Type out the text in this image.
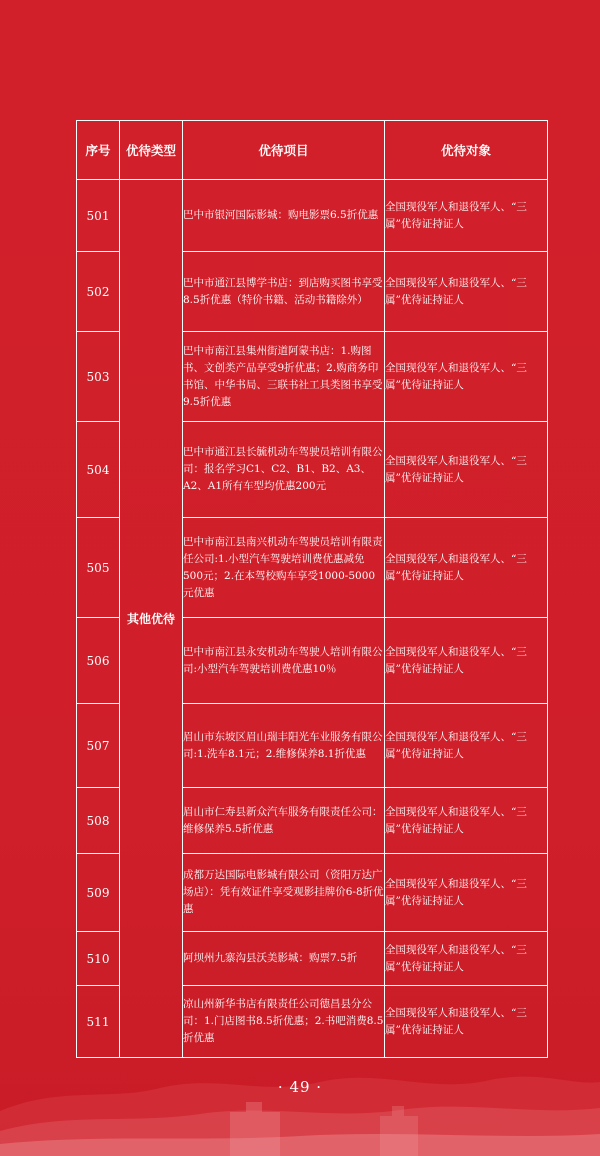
序号	优待类型	优待项目	优待对象
501	其他优待	巴中市银河国际影城：购电影票6.5折优惠	全国现役军人和退役军人、“三属”优待证持证人

502		巴中市通江县博学书店：到店购买图书享受8.5折优惠（特价书籍、活动书籍除外）	全国现役军人和退役军人、“三属”优待证持证人

503		巴中市南江县集州街道阿蒙书店：1.购图书、文创类产品享受9折优惠；2.购商务印书馆、中华书局、三联书社工具类图书享受9.5折优惠	全国现役军人和退役军人、“三属”优待证持证人

504		巴中市通江县长毓机动车驾驶员培训有限公司：报名学习C1、C2、B1、B2、A3、A2、A1所有车型均优惠200元	全国现役军人和退役军人、“三属”优待证持证人

505		巴中市南江县南兴机动车驾驶员培训有限责任公司:1.小型汽车驾驶培训费优惠减免500元；2.在本驾校购车享受1000-5000元优惠	全国现役军人和退役军人、“三属”优待证持证人

506		巴中市南江县永安机动车驾驶人培训有限公司:小型汽车驾驶培训费优惠10％	全国现役军人和退役军人、“三属”优待证持证人

507		眉山市东坡区眉山瑞丰阳光车业服务有限公司:1.洗车8.1元；2.维修保养8.1折优惠	全国现役军人和退役军人、“三属”优待证持证人

508		眉山市仁寿县新众汽车服务有限责任公司：维修保养5.5折优惠	全国现役军人和退役军人、“三属”优待证持证人

509		成都万达国际电影城有限公司（资阳万达广场店）：凭有效证件享受观影挂牌价6-8折优惠	全国现役军人和退役军人、“三属”优待证持证人

510		阿坝州九寨沟县沃美影城：购票7.5折	全国现役军人和退役军人、“三属”优待证持证人

511		凉山州新华书店有限责任公司德昌县分公司：1.门店图书8.5折优惠；2.书吧消费8.5折优惠	全国现役军人和退役军人、“三属”优待证持证人
· 49 ·
